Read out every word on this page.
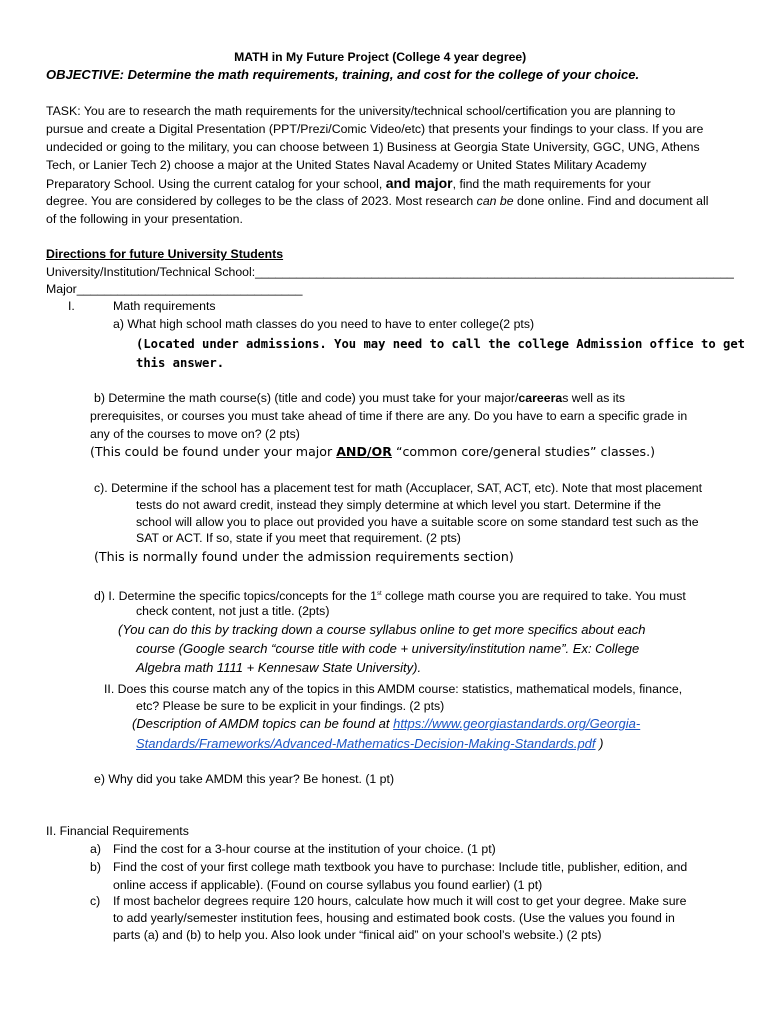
MATH in My Future Project (College 4 year degree)
OBJECTIVE: Determine the math requirements, training, and cost for the college of your choice.
TASK: You are to research the math requirements for the university/technical school/certification you are planning to
pursue and create a Digital Presentation (PPT/Prezi/Comic Video/etc) that presents your findings to your class. If you are
undecided or going to the military, you can choose between 1) Business at Georgia State University, GGC, UNG, Athens
Tech, or Lanier Tech 2) choose a major at the United States Naval Academy or United States Military Academy
Preparatory School. Using the current catalog for your school, and major, find the math requirements for your
degree. You are considered by colleges to be the class of 2023. Most research can be done online. Find and document all
of the following in your presentation.
Directions for future University Students
University/Institution/Technical School:______________________________________________________________________
Major_________________________________
I.	Math requirements
a) What high school math classes do you need to have to enter college(2 pts)
(Located under admissions. You may need to call the college Admission office to get
this answer.
b) Determine the math course(s) (title and code) you must take for your major/careeras well as its
prerequisites, or courses you must take ahead of time if there are any. Do you have to earn a specific grade in
any of the courses to move on? (2 pts)
(This could be found under your major AND/OR “common core/general studies” classes.)
c). Determine if the school has a placement test for math (Accuplacer, SAT, ACT, etc). Note that most placement
tests do not award credit, instead they simply determine at which level you start. Determine if the
school will allow you to place out provided you have a suitable score on some standard test such as the
SAT or ACT. If so, state if you meet that requirement. (2 pts)
(This is normally found under the admission requirements section)
d) I. Determine the specific topics/concepts for the 1st college math course you are required to take. You must
check content, not just a title. (2pts)
(You can do this by tracking down a course syllabus online to get more specifics about each
course (Google search “course title with code + university/institution name”. Ex: College
Algebra math 1111 + Kennesaw State University).
II. Does this course match any of the topics in this AMDM course: statistics, mathematical models, finance,
etc? Please be sure to be explicit in your findings. (2 pts)
(Description of AMDM topics can be found at https://www.georgiastandards.org/Georgia-
Standards/Frameworks/Advanced-Mathematics-Decision-Making-Standards.pdf )
e) Why did you take AMDM this year? Be honest. (1 pt)
II. Financial Requirements
a) Find the cost for a 3-hour course at the institution of your choice. (1 pt)
b) Find the cost of your first college math textbook you have to purchase: Include title, publisher, edition, and
online access if applicable). (Found on course syllabus you found earlier) (1 pt)
c) If most bachelor degrees require 120 hours, calculate how much it will cost to get your degree. Make sure
to add yearly/semester institution fees, housing and estimated book costs. (Use the values you found in
parts (a) and (b) to help you. Also look under “finical aid” on your school’s website.) (2 pts)
